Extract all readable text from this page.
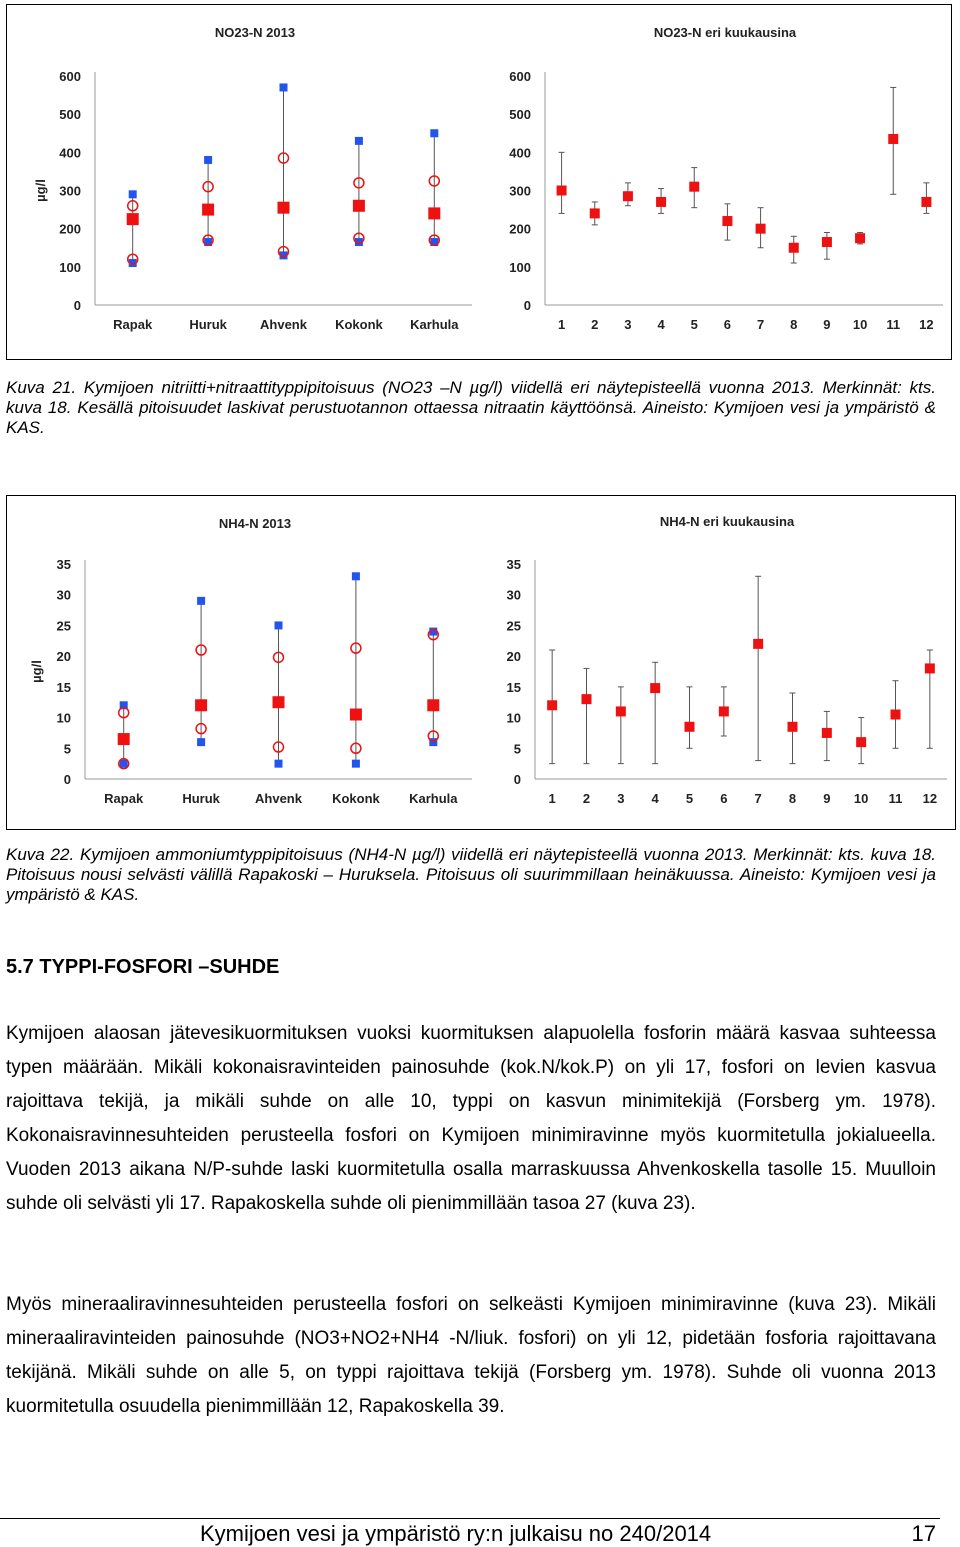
NO23-N 2013
0
100
200
300
400
500
600
µg/l
Rapak	Huruk	Ahvenk Kokonk Karhula
NO23-N eri kuukausina
0
100
200
300
400
500
600
1 2 3 4 5 6 7 8 9 10 11 12
Kuva 21. Kymijoen nitriitti+nitraattityppipitoisuus (NO23 –N µg/l) viidellä eri näytepisteellä vuonna 2013. Merkinnät: kts. kuva 18. Kesällä pitoisuudet laskivat perustuotannon ottaessa nitraatin käyttöönsä. Aineisto: Kymijoen vesi ja ympäristö & KAS.
NH4-N 2013
0
5
10
15
20
25
30
35
µg/l
Rapak	Huruk	Ahvenk Kokonk Karhula
NH4-N eri kuukausina
0
5
10
15
20
25
30
35
1 2 3 4 5 6 7 8 9 10 11 12
Kuva 22. Kymijoen ammoniumtyppipitoisuus (NH4-N µg/l) viidellä eri näytepisteellä vuonna 2013. Merkinnät: kts. kuva 18. Pitoisuus nousi selvästi välillä Rapakoski – Huruksela. Pitoisuus oli suurimmillaan heinäkuussa. Aineisto: Kymijoen vesi ja ympäristö & KAS.
5.7 TYPPI-FOSFORI –SUHDE
Kymijoen alaosan jätevesikuormituksen vuoksi kuormituksen alapuolella fosforin määrä kasvaa suhteessa typen määrään. Mikäli kokonaisravinteiden painosuhde (kok.N/kok.P) on yli 17, fosfori on levien kasvua rajoittava tekijä, ja mikäli suhde on alle 10, typpi on kasvun minimitekijä (Forsberg ym. 1978). Kokonaisravinnesuhteiden perusteella fosfori on Kymijoen minimiravinne myös kuormitetulla jokialueella. Vuoden 2013 aikana N/P-suhde laski kuormitetulla osalla marraskuussa Ahvenkoskella tasolle 15. Muulloin suhde oli selvästi yli 17. Rapakoskella suhde oli pienimmillään tasoa 27 (kuva 23).
Myös mineraaliravinnesuhteiden perusteella fosfori on selkeästi Kymijoen minimiravinne (kuva 23). Mikäli mineraaliravinteiden painosuhde (NO3+NO2+NH4 -N/liuk. fosfori) on yli 12, pidetään fosforia rajoittavana tekijänä. Mikäli suhde on alle 5, on typpi rajoittava tekijä (Forsberg ym. 1978). Suhde oli vuonna 2013 kuormitetulla osuudella pienimmillään 12, Rapakoskella 39.
Kymijoen vesi ja ympäristö ry:n julkaisu no 240/2014	17
